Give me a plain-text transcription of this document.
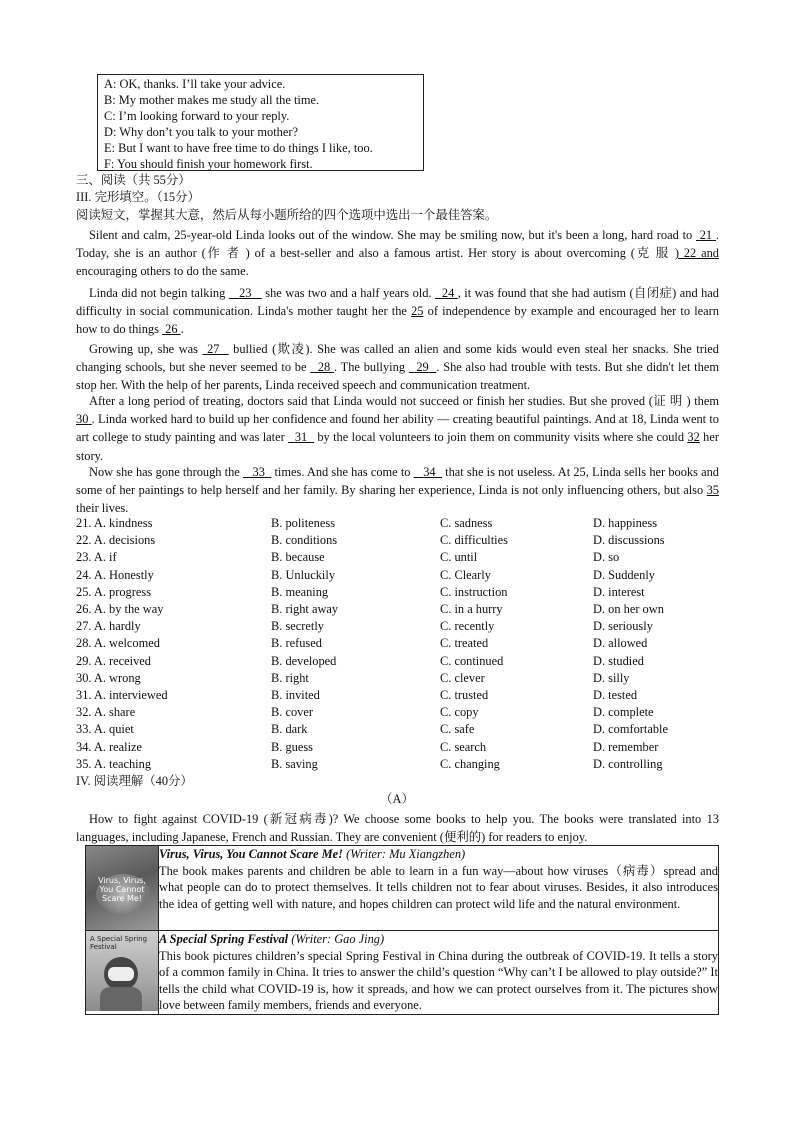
A: OK, thanks. I’ll take your advice.
B: My mother makes me study all the time.
C: I’m looking forward to your reply.
D: Why don’t you talk to your mother?
E: But I want to have free time to do things I like, too.
F: You should finish your homework first.
三、阅读（共 55分）
III. 完形填空。（15分）
阅读短文，掌握其大意，然后从每小题所给的四个选项中选出一个最佳答案。
Silent and calm, 25-year-old Linda looks out of the window. She may be smiling now, but it's been a long, hard road to  21 . Today, she is an author (作 者 ) of a best-seller and also a famous artist. Her story is about overcoming (克 服 ) 22 and encouraging others to do the same.
Linda did not begin talking    23    she was two and a half years old.   24 , it was found that she had autism (自闭症) and had difficulty in social communication. Linda's mother taught her the 25 of independence by example and encouraged her to learn how to do things  26 .
Growing up, she was  27   bullied (欺凌). She was called an alien and some kids would even steal her snacks. She tried changing schools, but she never seemed to be   28 . The bullying   29 . She also had trouble with tests. But she didn't let them stop her. With the help of her parents, Linda received speech and communication treatment.
After a long period of treating, doctors said that Linda would not succeed or finish her studies. But she proved (证 明 ) them 30 . Linda worked hard to build up her confidence and found her ability — creating beautiful paintings. And at 18, Linda went to art college to study painting and was later   31   by the local volunteers to join them on community visits where she could 32 her story.
Now she has gone through the    33   times. And she has come to    34   that she is not useless. At 25, Linda sells her books and some of her paintings to help herself and her family. By sharing her experience, Linda is not only influencing others, but also 35 their lives.
21. A. kindness	B. politeness	C. sadness	D. happiness
22. A. decisions	B. conditions	C. difficulties	D. discussions
23. A. if	B. because	C. until	D. so
24. A. Honestly	B. Unluckily	C. Clearly	D. Suddenly
25. A. progress	B. meaning	C. instruction	D. interest
26. A. by the way	B. right away	C. in a hurry	D. on her own
27. A. hardly	B. secretly	C. recently	D. seriously
28. A. welcomed	B. refused	C. treated	D. allowed
29. A. received	B. developed	C. continued	D. studied
30. A. wrong	B. right	C. clever	D. silly
31. A. interviewed	B. invited	C. trusted	D. tested
32. A. share	B. cover	C. copy	D. complete
33. A. quiet	B. dark	C. safe	D. comfortable
34. A. realize	B. guess	C. search	D. remember
35. A. teaching	B. saving	C. changing	D. controlling
IV. 阅读理解（40分）
（A）
How to fight against COVID-19 (新冠病毒)? We choose some books to help you. The books were translated into 13 languages, including Japanese, French and Russian. They are convenient (便利的) for readers to enjoy.
Virus, Virus, You Cannot Scare Me!	Virus, Virus, You Cannot Scare Me! (Writer: Mu Xiangzhen)
The book makes parents and children be able to learn in a fun way—about how viruses（病毒）spread and what people can do to protect themselves. It tells children not to fear about viruses. Besides, it also introduces the idea of getting well with nature, and hopes children can protect wild life and the natural environment.

A Special Spring Festival	A Special Spring Festival (Writer: Gao Jing)
This book pictures children’s special Spring Festival in China during the outbreak of COVID-19. It tells a story of a common family in China. It tries to answer the child’s question “Why can’t I be allowed to play outside?” It tells the child what COVID-19 is, how it spreads, and how we can protect ourselves from it. The pictures show love between family members, friends and everyone.
